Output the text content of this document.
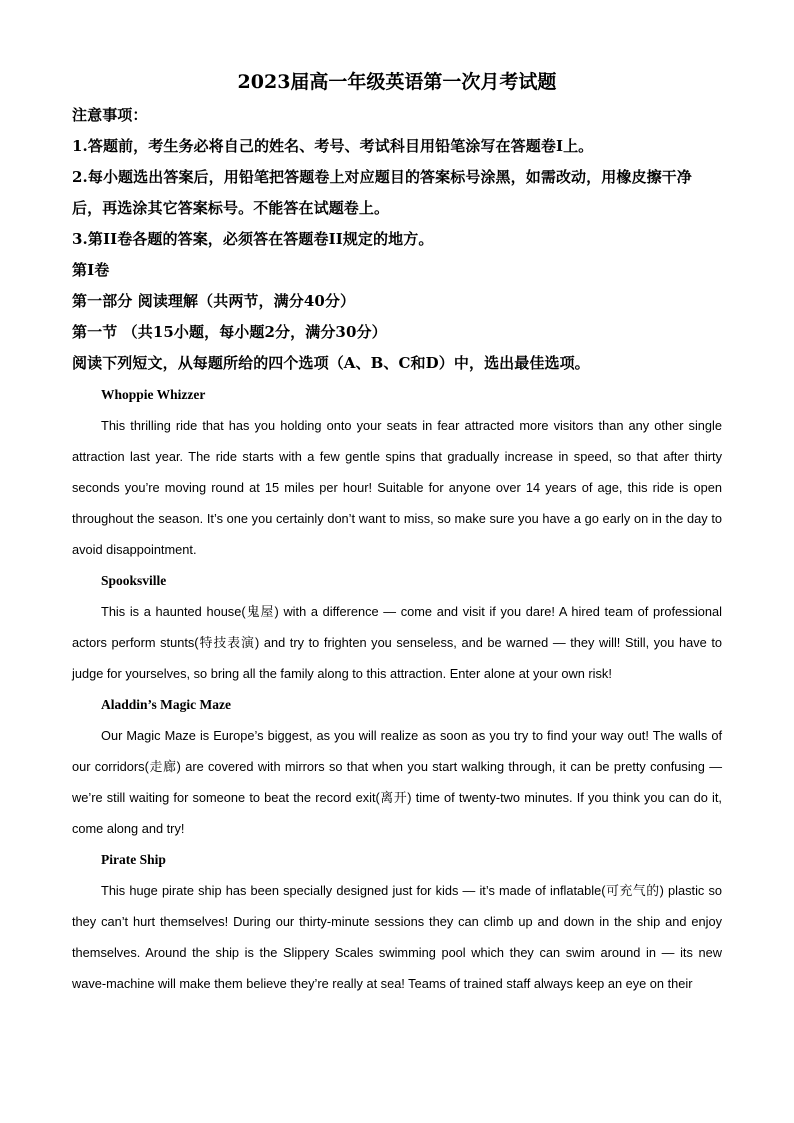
2023届高一年级英语第一次月考试题

注意事项：

1.答题前，考生务必将自己的姓名、考号、考试科目用铅笔涂写在答题卷I上。

2.每小题选出答案后，用铅笔把答题卷上对应题目的答案标号涂黑，如需改动，用橡皮擦干净后，再选涂其它答案标号。不能答在试题卷上。

3.第II卷各题的答案，必须答在答题卷II规定的地方。

第I卷

第一部分 阅读理解（共两节，满分40分）

第一节 （共15小题，每小题2分，满分30分）

阅读下列短文，从每题所给的四个选项（A、B、C和D）中，选出最佳选项。

Whoppie Whizzer

This thrilling ride that has you holding onto your seats in fear attracted more visitors than any other single attraction last year. The ride starts with a few gentle spins that gradually increase in speed, so that after thirty seconds you’re moving round at 15 miles per hour! Suitable for anyone over 14 years of age, this ride is open throughout the season. It’s one you certainly don’t want to miss, so make sure you have a go early on in the day to avoid disappointment.

Spooksville

This is a haunted house(鬼屋) with a difference — come and visit if you dare! A hired team of professional actors perform stunts(特技表演) and try to frighten you senseless, and be warned — they will! Still, you have to judge for yourselves, so bring all the family along to this attraction. Enter alone at your own risk!

Aladdin’s Magic Maze

Our Magic Maze is Europe’s biggest, as you will realize as soon as you try to find your way out! The walls of our corridors(走廊) are covered with mirrors so that when you start walking through, it can be pretty confusing — we’re still waiting for someone to beat the record exit(离开) time of twenty-two minutes. If you think you can do it, come along and try!

Pirate Ship

This huge pirate ship has been specially designed just for kids — it’s made of inflatable(可充气的) plastic so they can’t hurt themselves! During our thirty-minute sessions they can climb up and down in the ship and enjoy themselves. Around the ship is the Slippery Scales swimming pool which they can swim around in — its new wave-machine will make them believe they’re really at sea! Teams of trained staff always keep an eye on their
